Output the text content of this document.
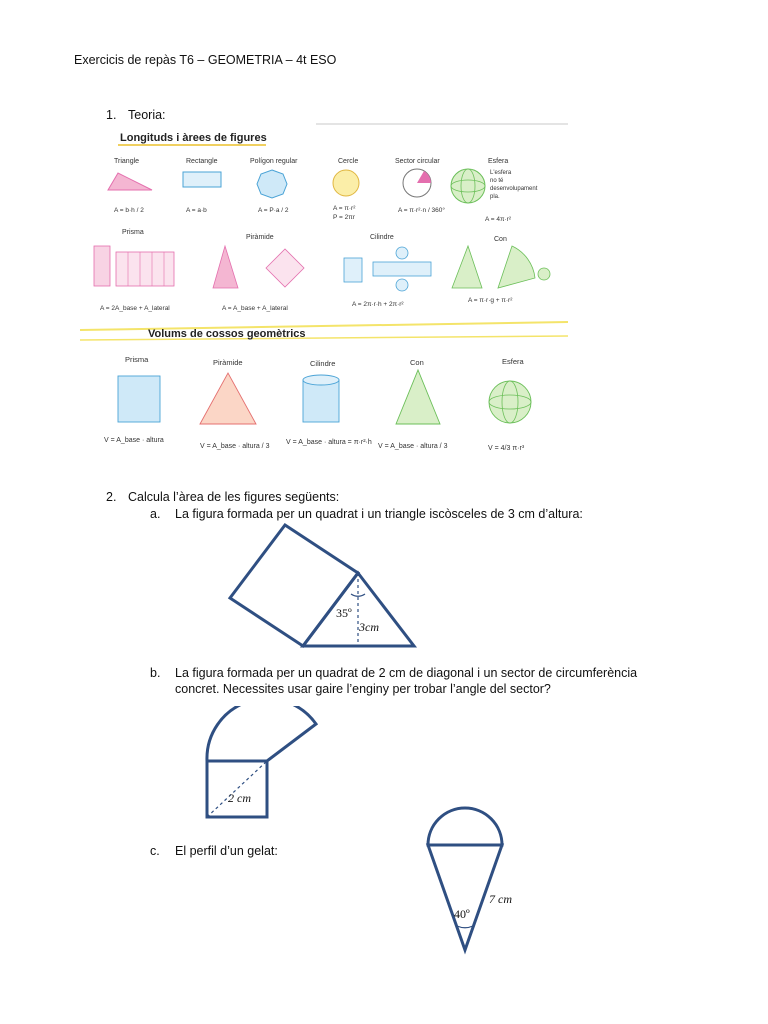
Exercicis de repàs T6 – GEOMETRIA – 4t ESO
1. Teoria:
Longituds i àrees de figures
Triangle	Rectangle	Polígon regular	Cercle	Sector circular	Esfera
L'esfera
no té
desenvolupament
pla.
A = b·h / 2	A = a·b	A = P·a / 2	A = π·r²
P = 2πr
A = π·r²·n / 360°
A = 4π·r²
Prisma
Piràmide	Cilindre	Con
A = 2A_base + A_lateral	A = A_base + A_lateral
A = 2π·r·h + 2π·r²
A = π·r·g + π·r²
Volums de cossos geomètrics
Prisma	Piràmide	Cilindre	Con	Esfera
V = A_base · altura
V = A_base · altura / 3
V = A_base · altura = π·r²·h
V = A_base · altura / 3	V = 4/3 π·r³
2. Calcula l’àrea de les figures següents:
a. La figura formada per un quadrat i un triangle iscòsceles de 3 cm d’altura:
35º
3cm
b. La figura formada per un quadrat de 2 cm de diagonal i un sector de circumferència
concret. Necessites usar gaire l’enginy per trobar l’angle del sector?
2 cm
c. El perfil d’un gelat:
40º
7 cm
